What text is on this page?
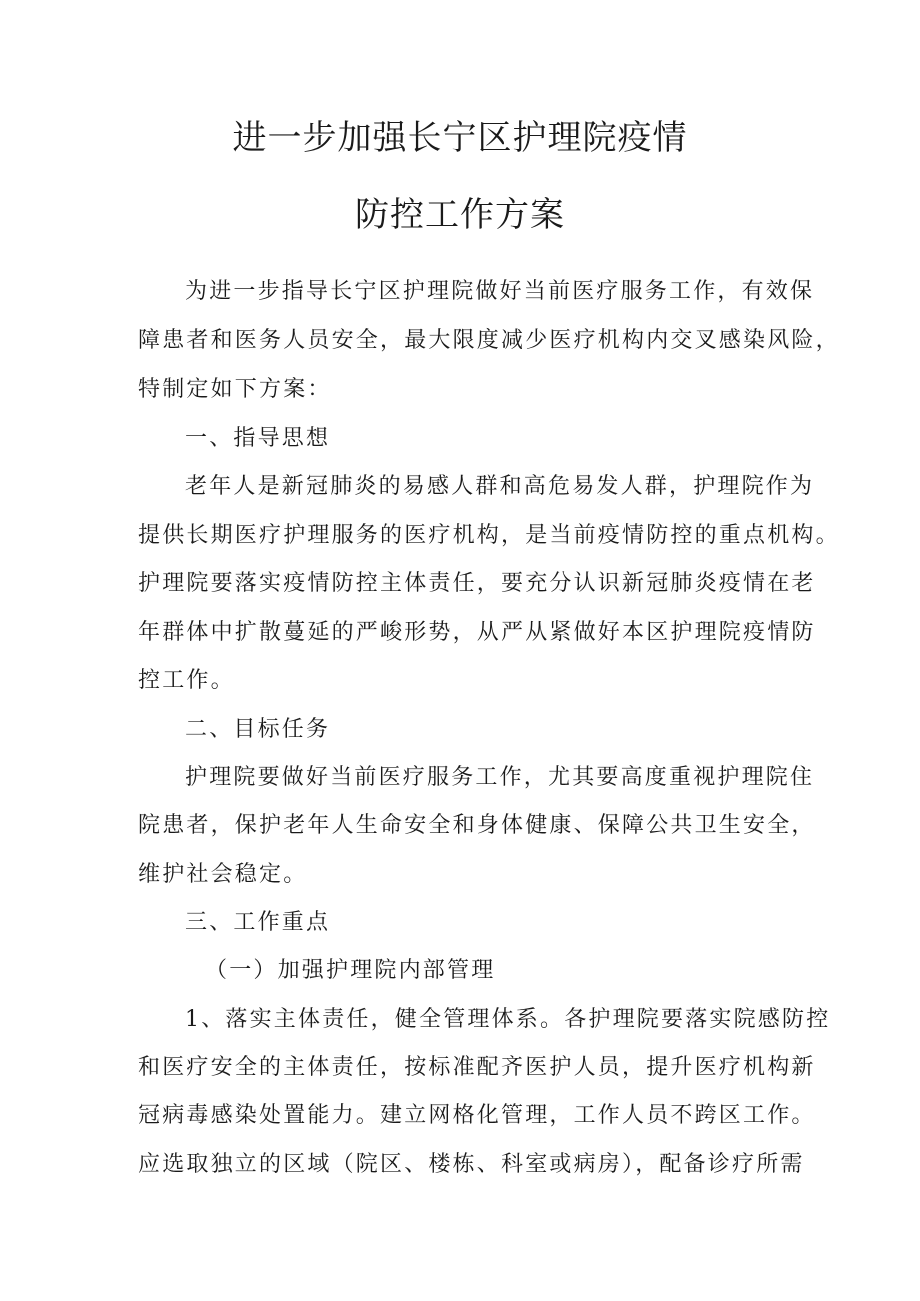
进一步加强长宁区护理院疫情
防控工作方案
为进一步指导长宁区护理院做好当前医疗服务工作，有效保
障患者和医务人员安全，最大限度减少医疗机构内交叉感染风险，
特制定如下方案：
一、指导思想
老年人是新冠肺炎的易感人群和高危易发人群，护理院作为
提供长期医疗护理服务的医疗机构，是当前疫情防控的重点机构。
护理院要落实疫情防控主体责任，要充分认识新冠肺炎疫情在老
年群体中扩散蔓延的严峻形势，从严从紧做好本区护理院疫情防
控工作。
二、目标任务
护理院要做好当前医疗服务工作，尤其要高度重视护理院住
院患者，保护老年人生命安全和身体健康、保障公共卫生安全，
维护社会稳定。
三、工作重点
（一）加强护理院内部管理
1、落实主体责任，健全管理体系。各护理院要落实院感防控
和医疗安全的主体责任，按标准配齐医护人员，提升医疗机构新
冠病毒感染处置能力。建立网格化管理，工作人员不跨区工作。
应选取独立的区域（院区、楼栋、科室或病房），配备诊疗所需
